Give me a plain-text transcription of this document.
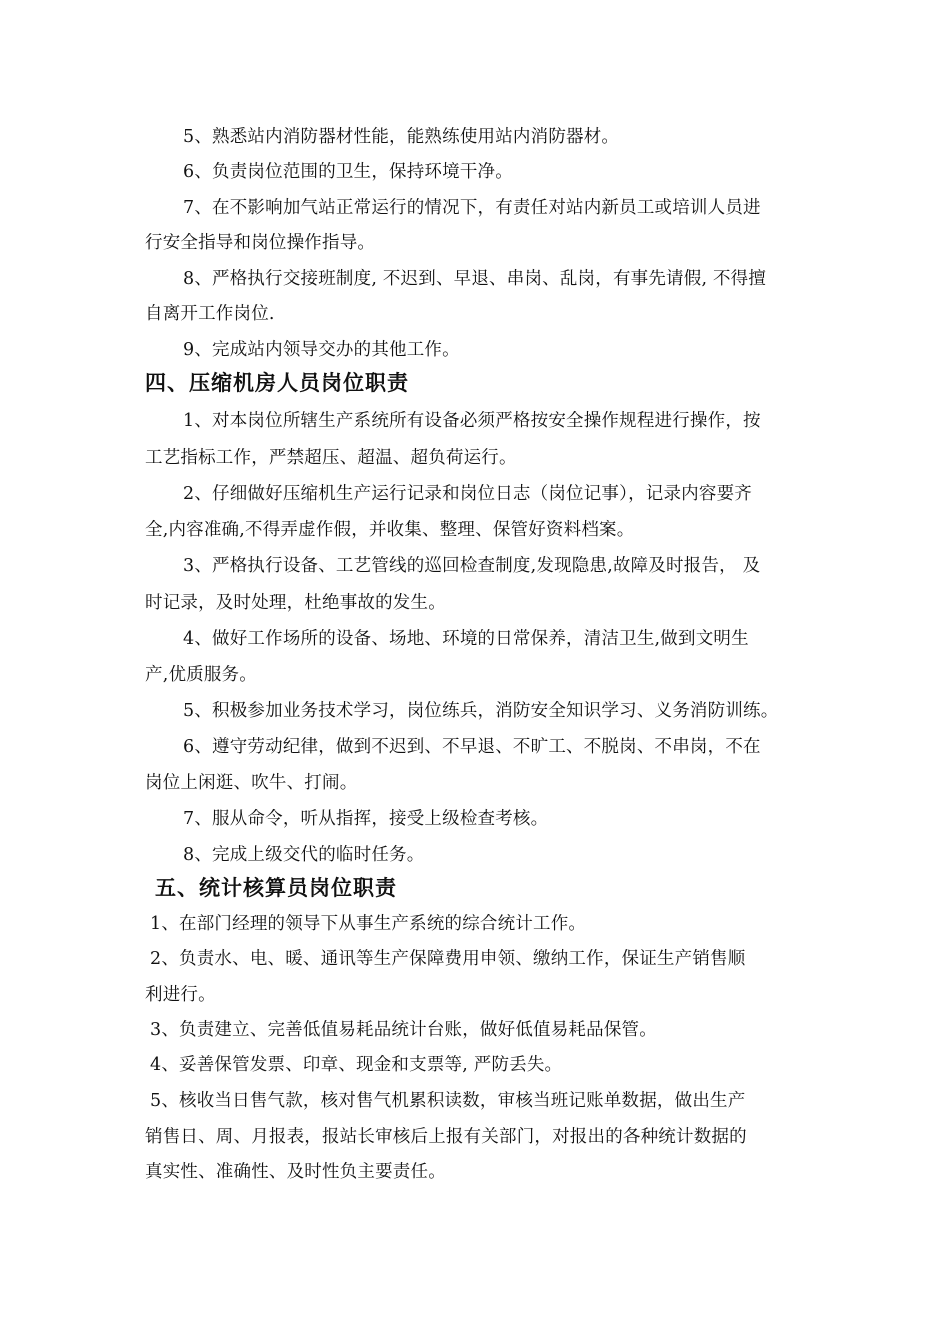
5、熟悉站内消防器材性能，能熟练使用站内消防器材。
6、负责岗位范围的卫生，保持环境干净。
7、在不影响加气站正常运行的情况下，有责任对站内新员工或培训人员进
行安全指导和岗位操作指导。
8、严格执行交接班制度, 不迟到、早退、串岗、乱岗，有事先请假, 不得擅
自离开工作岗位.
9、完成站内领导交办的其他工作。
四、压缩机房人员岗位职责
1、对本岗位所辖生产系统所有设备必须严格按安全操作规程进行操作，按
工艺指标工作，严禁超压、超温、超负荷运行。
2、仔细做好压缩机生产运行记录和岗位日志（岗位记事），记录内容要齐
全,内容准确,不得弄虚作假，并收集、整理、保管好资料档案。
3、严格执行设备、工艺管线的巡回检查制度,发现隐患,故障及时报告， 及
时记录，及时处理，杜绝事故的发生。
4、做好工作场所的设备、场地、环境的日常保养，清洁卫生,做到文明生
产,优质服务。
5、积极参加业务技术学习，岗位练兵，消防安全知识学习、义务消防训练。
6、遵守劳动纪律，做到不迟到、不早退、不旷工、不脱岗、不串岗，不在
岗位上闲逛、吹牛、打闹。
7、服从命令，听从指挥，接受上级检查考核。
8、完成上级交代的临时任务。
五、统计核算员岗位职责
1、在部门经理的领导下从事生产系统的综合统计工作。
2、负责水、电、暖、通讯等生产保障费用申领、缴纳工作，保证生产销售顺
利进行。
3、负责建立、完善低值易耗品统计台账，做好低值易耗品保管。
4、妥善保管发票、印章、现金和支票等, 严防丢失。
5、核收当日售气款，核对售气机累积读数，审核当班记账单数据，做出生产
销售日、周、月报表，报站长审核后上报有关部门，对报出的各种统计数据的
真实性、准确性、及时性负主要责任。
